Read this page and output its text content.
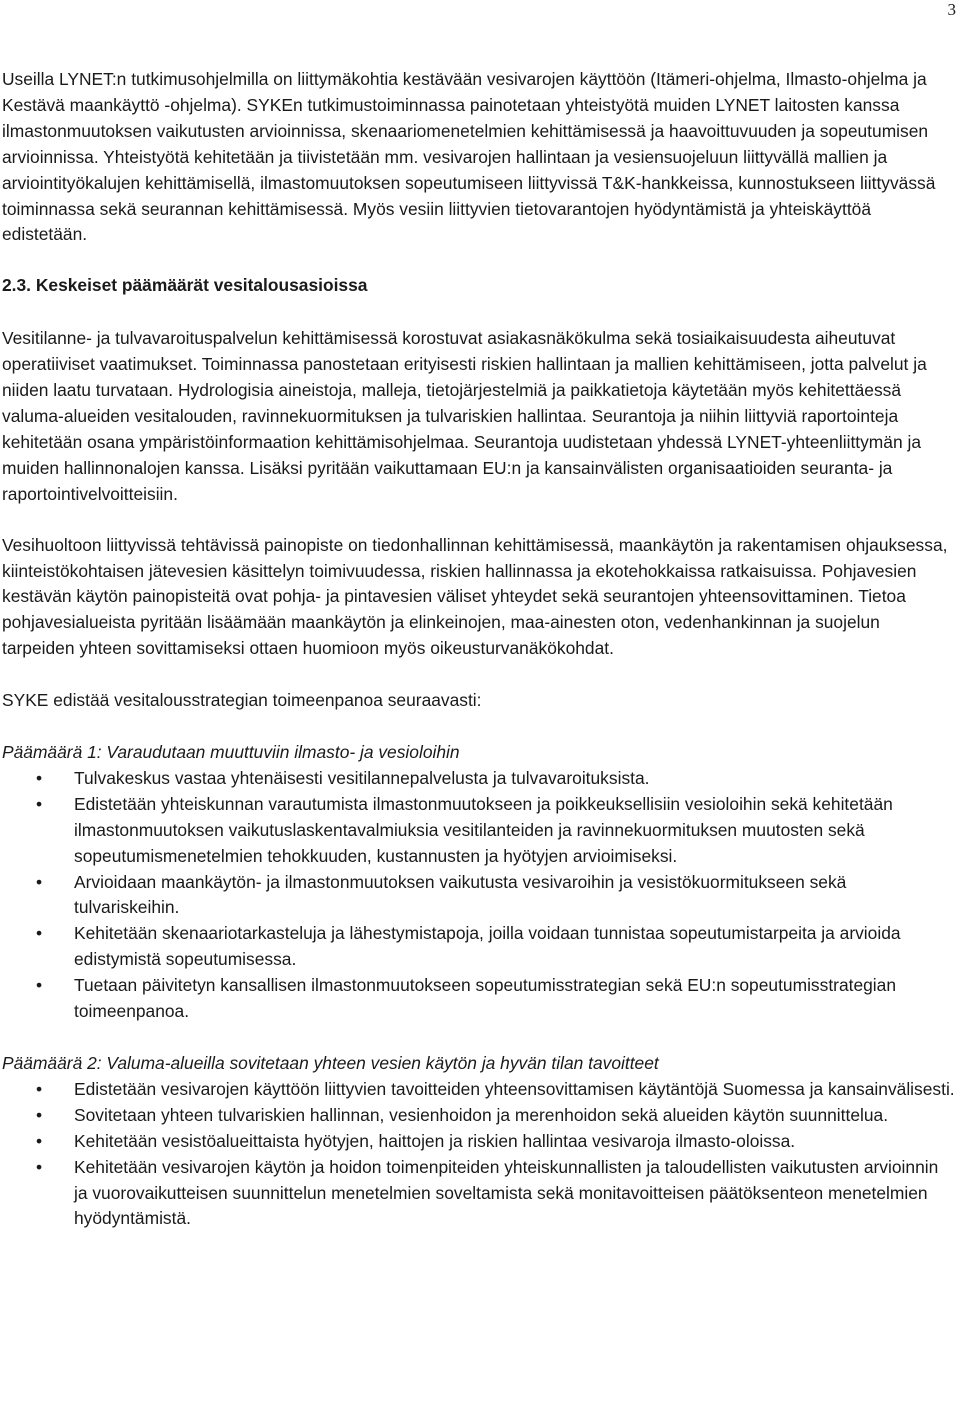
3

Useilla LYNET:n tutkimusohjelmilla on liittymäkohtia kestävään vesivarojen käyttöön (Itämeri-ohjelma, Ilmasto-ohjelma ja Kestävä maankäyttö -ohjelma). SYKEn tutkimustoiminnassa painotetaan yhteistyötä muiden LYNET laitosten kanssa ilmastonmuutoksen vaikutusten arvioinnissa, skenaariomenetelmien kehittämisessä ja haavoittuvuuden ja sopeutumisen arvioinnissa. Yhteistyötä kehitetään ja tiivistetään mm. vesivarojen hallintaan ja vesiensuojeluun liittyvällä mallien ja arviointityökalujen kehittämisellä, ilmastomuutoksen sopeutumiseen liittyvissä T&K-hankkeissa, kunnostukseen liittyvässä toiminnassa sekä seurannan kehittämisessä. Myös vesiin liittyvien tietovarantojen hyödyntämistä ja yhteiskäyttöä edistetään.

2.3. Keskeiset päämäärät vesitalousasioissa

Vesitilanne- ja tulvavaroituspalvelun kehittämisessä korostuvat asiakasnäkökulma sekä tosiaikaisuudesta aiheutuvat operatiiviset vaatimukset. Toiminnassa panostetaan erityisesti riskien hallintaan ja mallien kehittämiseen, jotta palvelut ja niiden laatu turvataan. Hydrologisia aineistoja, malleja, tietojärjestelmiä ja paikkatietoja käytetään myös kehitettäessä valuma-alueiden vesitalouden, ravinnekuormituksen ja tulvariskien hallintaa. Seurantoja ja niihin liittyviä raportointeja kehitetään osana ympäristöinformaation kehittämisohjelmaa. Seurantoja uudistetaan yhdessä LYNET-yhteenliittymän ja muiden hallinnonalojen kanssa. Lisäksi pyritään vaikuttamaan EU:n ja kansainvälisten organisaatioiden seuranta- ja raportointivelvoitteisiin.

Vesihuoltoon liittyvissä tehtävissä painopiste on tiedonhallinnan kehittämisessä, maankäytön ja rakentamisen ohjauksessa, kiinteistökohtaisen jätevesien käsittelyn toimivuudessa, riskien hallinnassa ja ekotehokkaissa ratkaisuissa. Pohjavesien kestävän käytön painopisteitä ovat pohja- ja pintavesien väliset yhteydet sekä seurantojen yhteensovittaminen. Tietoa pohjavesialueista pyritään lisäämään maankäytön ja elinkeinojen, maa-ainesten oton, vedenhankinnan ja suojelun tarpeiden yhteen sovittamiseksi ottaen huomioon myös oikeusturvanäkökohdat.

SYKE edistää vesitalousstrategian toimeenpanoa seuraavasti:

Päämäärä 1: Varaudutaan muuttuviin ilmasto- ja vesioloihin

• Tulvakeskus vastaa yhtenäisesti vesitilannepalvelusta ja tulvavaroituksista.
• Edistetään yhteiskunnan varautumista ilmastonmuutokseen ja poikkeuksellisiin vesioloihin sekä kehitetään ilmastonmuutoksen vaikutuslaskentavalmiuksia vesitilanteiden ja ravinnekuormituksen muutosten sekä sopeutumismenetelmien tehokkuuden, kustannusten ja hyötyjen arvioimiseksi.
• Arvioidaan maankäytön- ja ilmastonmuutoksen vaikutusta vesivaroihin ja vesistökuormitukseen sekä tulvariskeihin.
• Kehitetään skenaariotarkasteluja ja lähestymistapoja, joilla voidaan tunnistaa sopeutumistarpeita ja arvioida edistymistä sopeutumisessa.
• Tuetaan päivitetyn kansallisen ilmastonmuutokseen sopeutumisstrategian sekä EU:n sopeutumisstrategian toimeenpanoa.

Päämäärä 2: Valuma-alueilla sovitetaan yhteen vesien käytön ja hyvän tilan tavoitteet

• Edistetään vesivarojen käyttöön liittyvien tavoitteiden yhteensovittamisen käytäntöjä Suomessa ja kansainvälisesti.
• Sovitetaan yhteen tulvariskien hallinnan, vesienhoidon ja merenhoidon sekä alueiden käytön suunnittelua.
• Kehitetään vesistöalueittaista hyötyjen, haittojen ja riskien hallintaa vesivaroja ilmasto-oloissa.
• Kehitetään vesivarojen käytön ja hoidon toimenpiteiden yhteiskunnallisten ja taloudellisten vaikutusten arvioinnin ja vuorovaikutteisen suunnittelun menetelmien soveltamista sekä monitavoitteisen päätöksenteon menetelmien hyödyntämistä.
